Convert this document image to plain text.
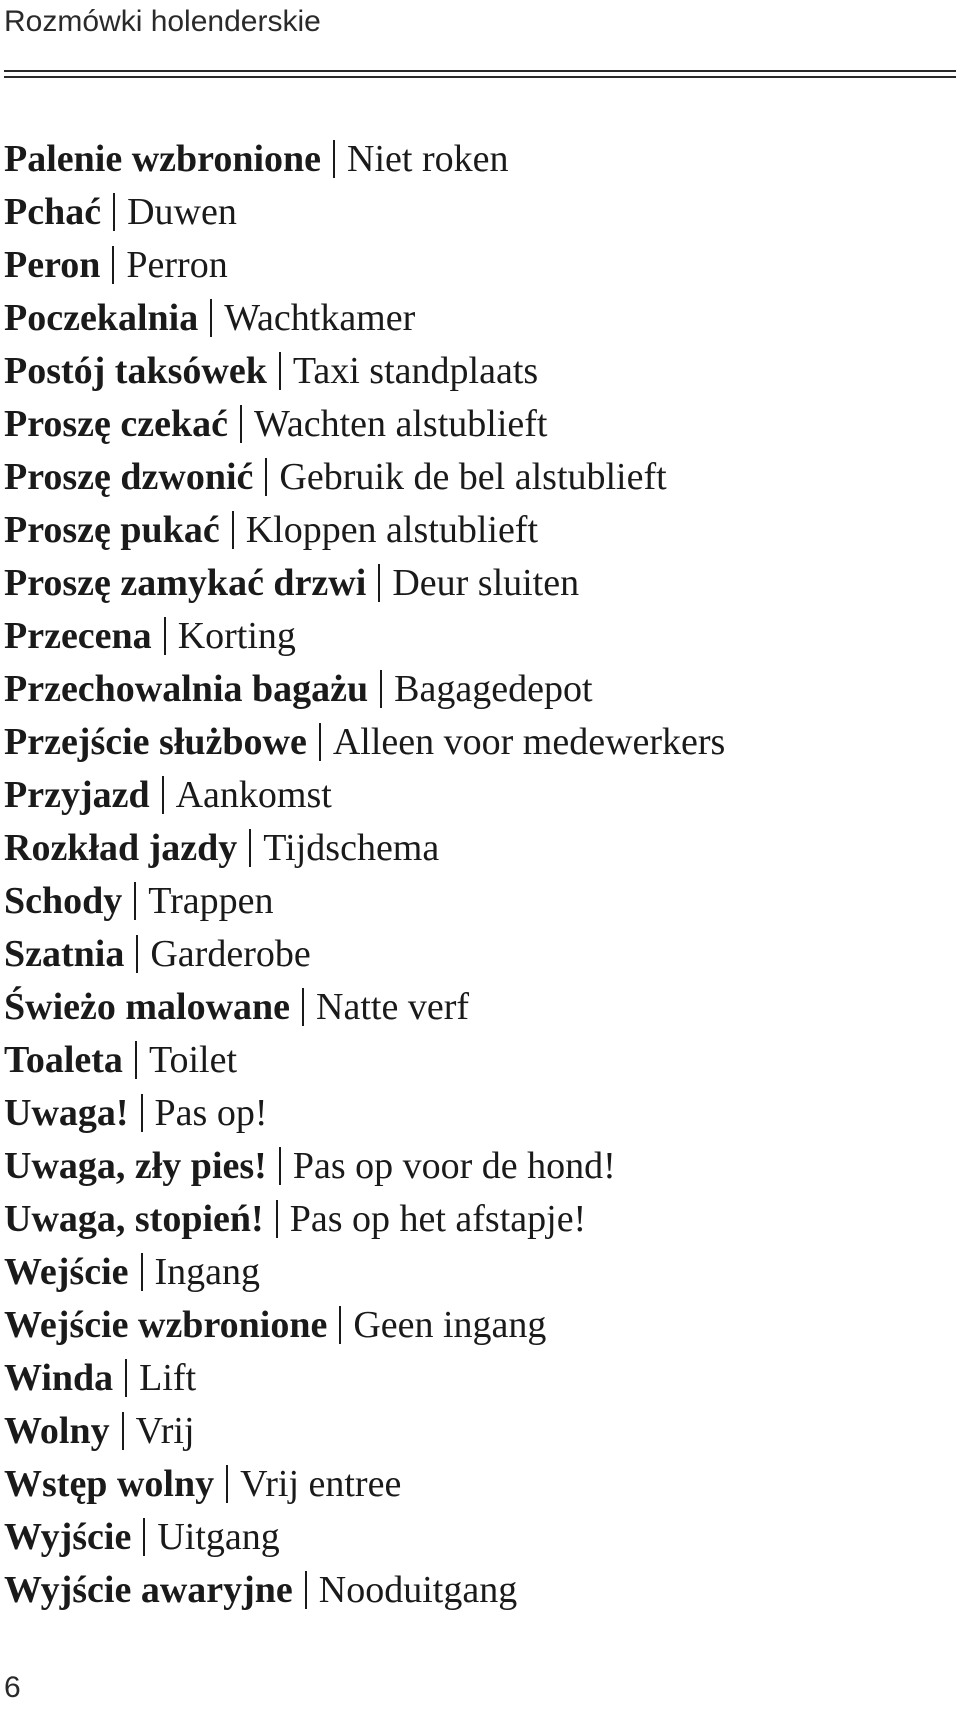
Rozmówki holenderskie
Palenie wzbronione Niet roken
Pchać Duwen
Peron Perron
Poczekalnia Wachtkamer
Postój taksówek Taxi standplaats
Proszę czekać Wachten alstublieft
Proszę dzwonić Gebruik de bel alstublieft
Proszę pukać Kloppen alstublieft
Proszę zamykać drzwi Deur sluiten
Przecena Korting
Przechowalnia bagażu Bagagedepot
Przejście służbowe Alleen voor medewerkers
Przyjazd Aankomst
Rozkład jazdy Tijdschema
Schody Trappen
Szatnia Garderobe
Świeżo malowane Natte verf
Toaleta Toilet
Uwaga! Pas op!
Uwaga, zły pies! Pas op voor de hond!
Uwaga, stopień! Pas op het afstapje!
Wejście Ingang
Wejście wzbronione Geen ingang
Winda Lift
Wolny Vrij
Wstęp wolny Vrij entree
Wyjście Uitgang
Wyjście awaryjne Nooduitgang
6
